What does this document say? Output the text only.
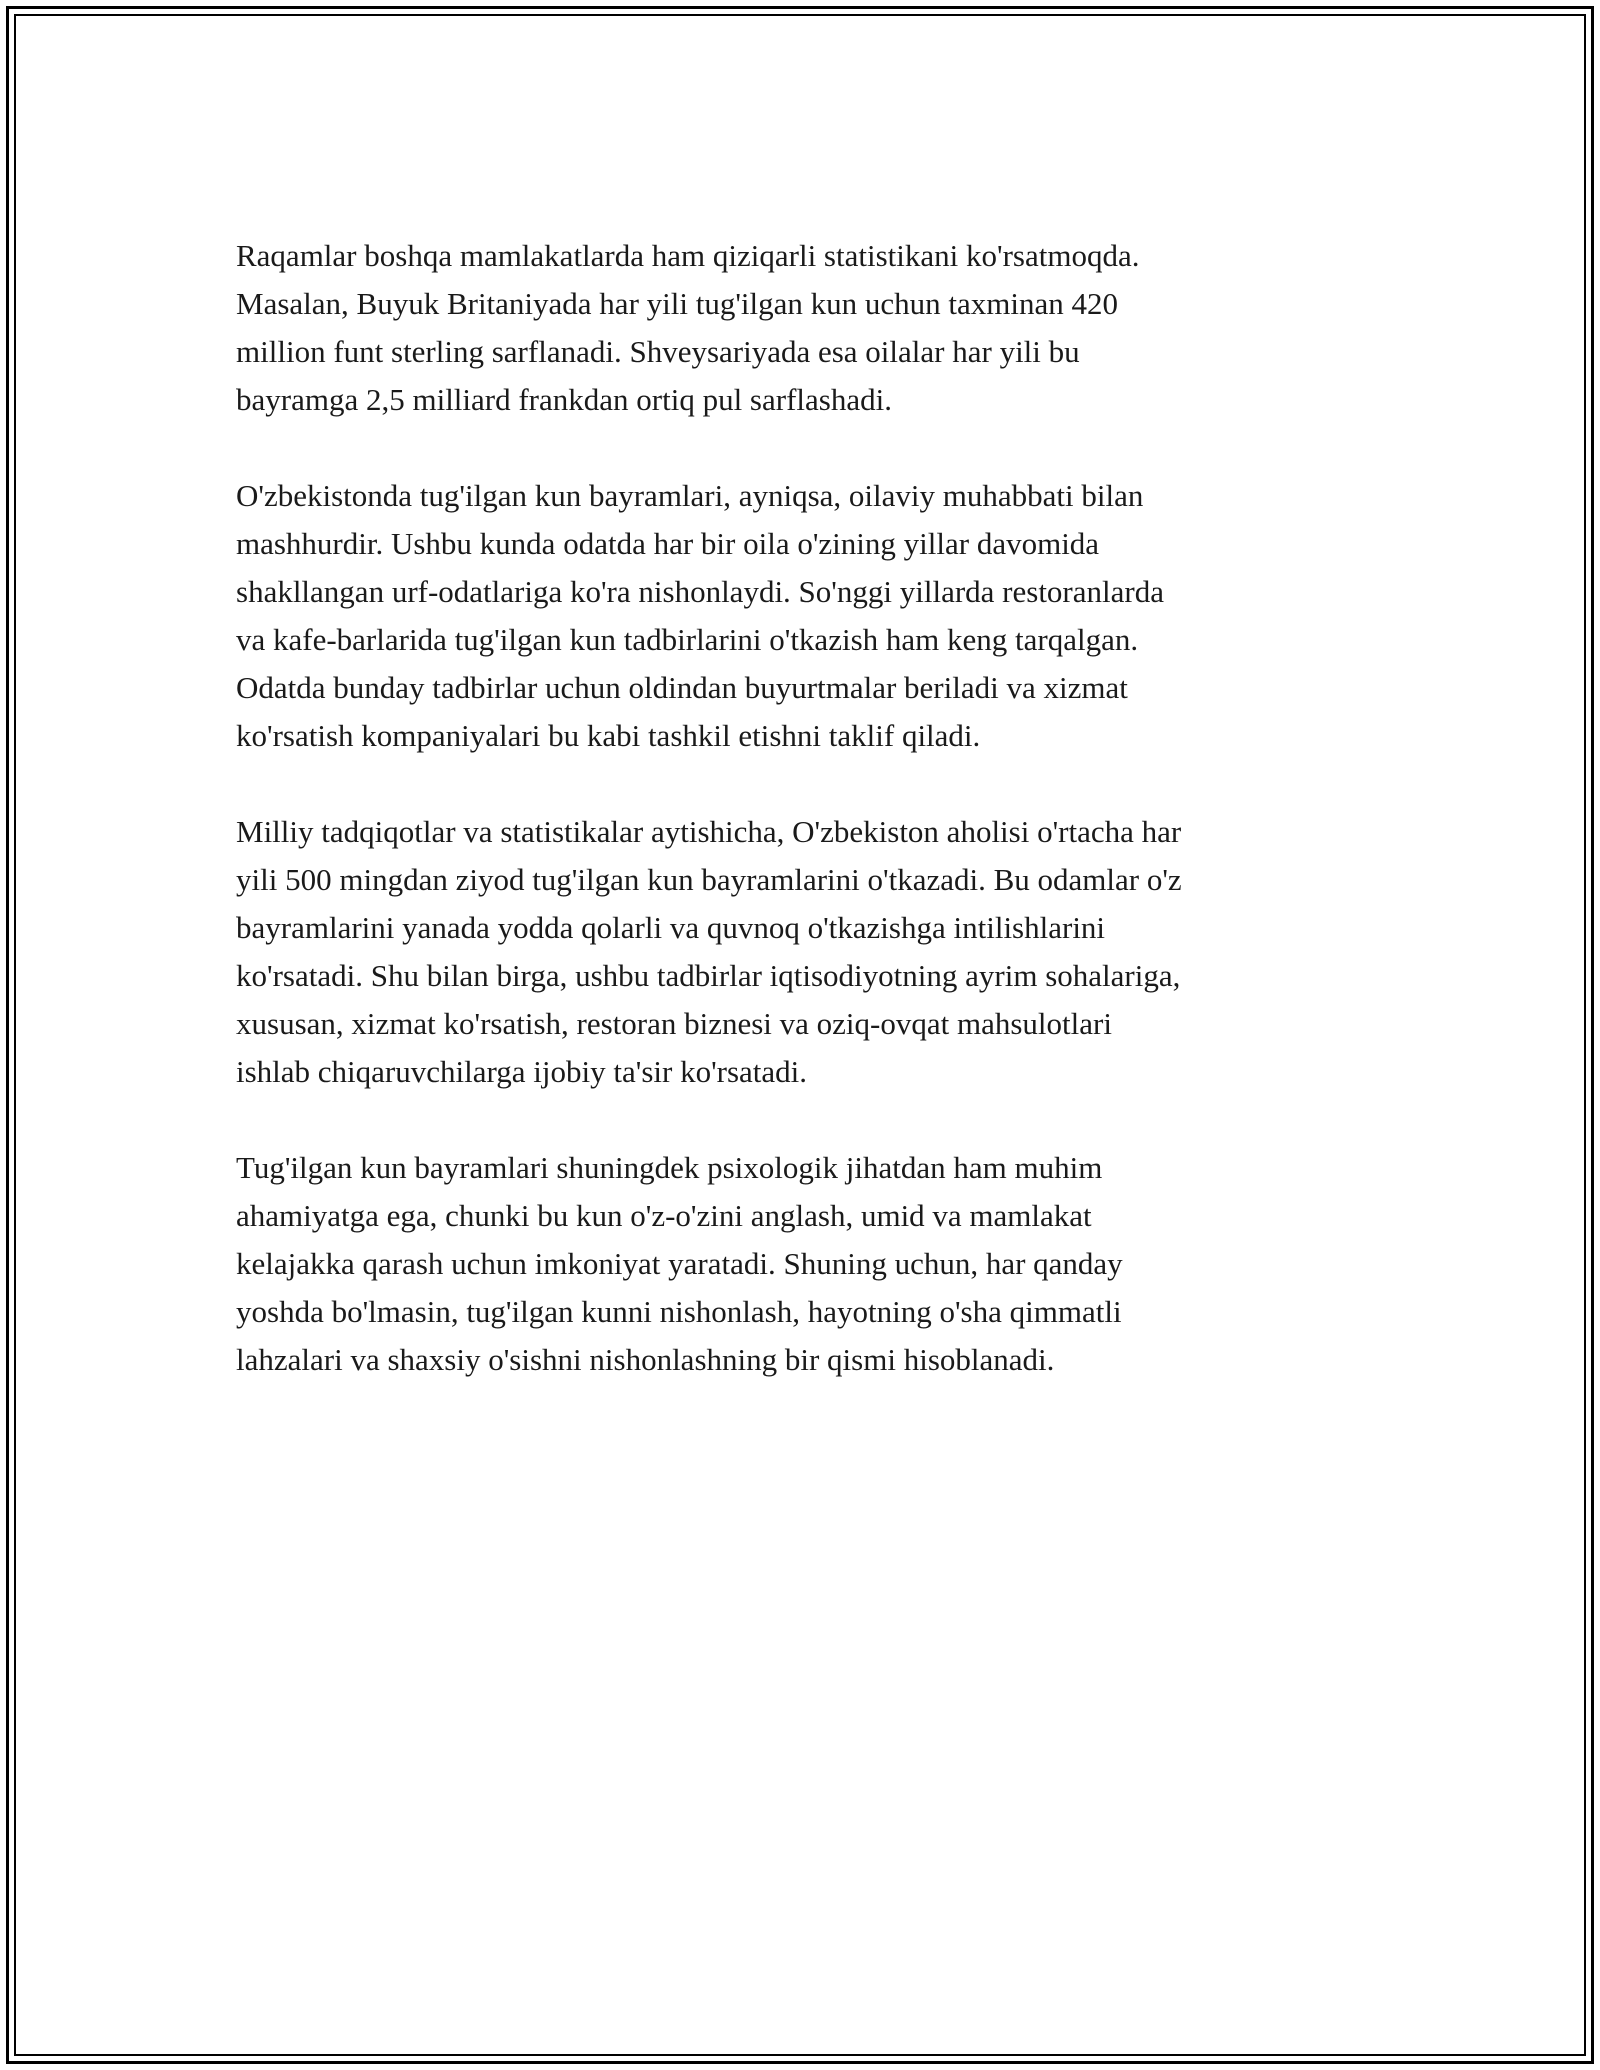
Raqamlar boshqa mamlakatlarda ham qiziqarli statistikani ko'rsatmoqda.
Masalan, Buyuk Britaniyada har yili tug'ilgan kun uchun taxminan 420
million funt sterling sarflanadi. Shveysariyada esa oilalar har yili bu
bayramga 2,5 milliard frankdan ortiq pul sarflashadi.

O'zbekistonda tug'ilgan kun bayramlari, ayniqsa, oilaviy muhabbati bilan
mashhurdir. Ushbu kunda odatda har bir oila o'zining yillar davomida
shakllangan urf-odatlariga ko'ra nishonlaydi. So'nggi yillarda restoranlarda
va kafe-barlarida tug'ilgan kun tadbirlarini o'tkazish ham keng tarqalgan.
Odatda bunday tadbirlar uchun oldindan buyurtmalar beriladi va xizmat
ko'rsatish kompaniyalari bu kabi tashkil etishni taklif qiladi.

Milliy tadqiqotlar va statistikalar aytishicha, O'zbekiston aholisi o'rtacha har
yili 500 mingdan ziyod tug'ilgan kun bayramlarini o'tkazadi. Bu odamlar o'z
bayramlarini yanada yodda qolarli va quvnoq o'tkazishga intilishlarini
ko'rsatadi. Shu bilan birga, ushbu tadbirlar iqtisodiyotning ayrim sohalariga,
xususan, xizmat ko'rsatish, restoran biznesi va oziq-ovqat mahsulotlari
ishlab chiqaruvchilarga ijobiy ta'sir ko'rsatadi.

Tug'ilgan kun bayramlari shuningdek psixologik jihatdan ham muhim
ahamiyatga ega, chunki bu kun o'z-o'zini anglash, umid va mamlakat
kelajakka qarash uchun imkoniyat yaratadi. Shuning uchun, har qanday
yoshda bo'lmasin, tug'ilgan kunni nishonlash, hayotning o'sha qimmatli
lahzalari va shaxsiy o'sishni nishonlashning bir qismi hisoblanadi.
